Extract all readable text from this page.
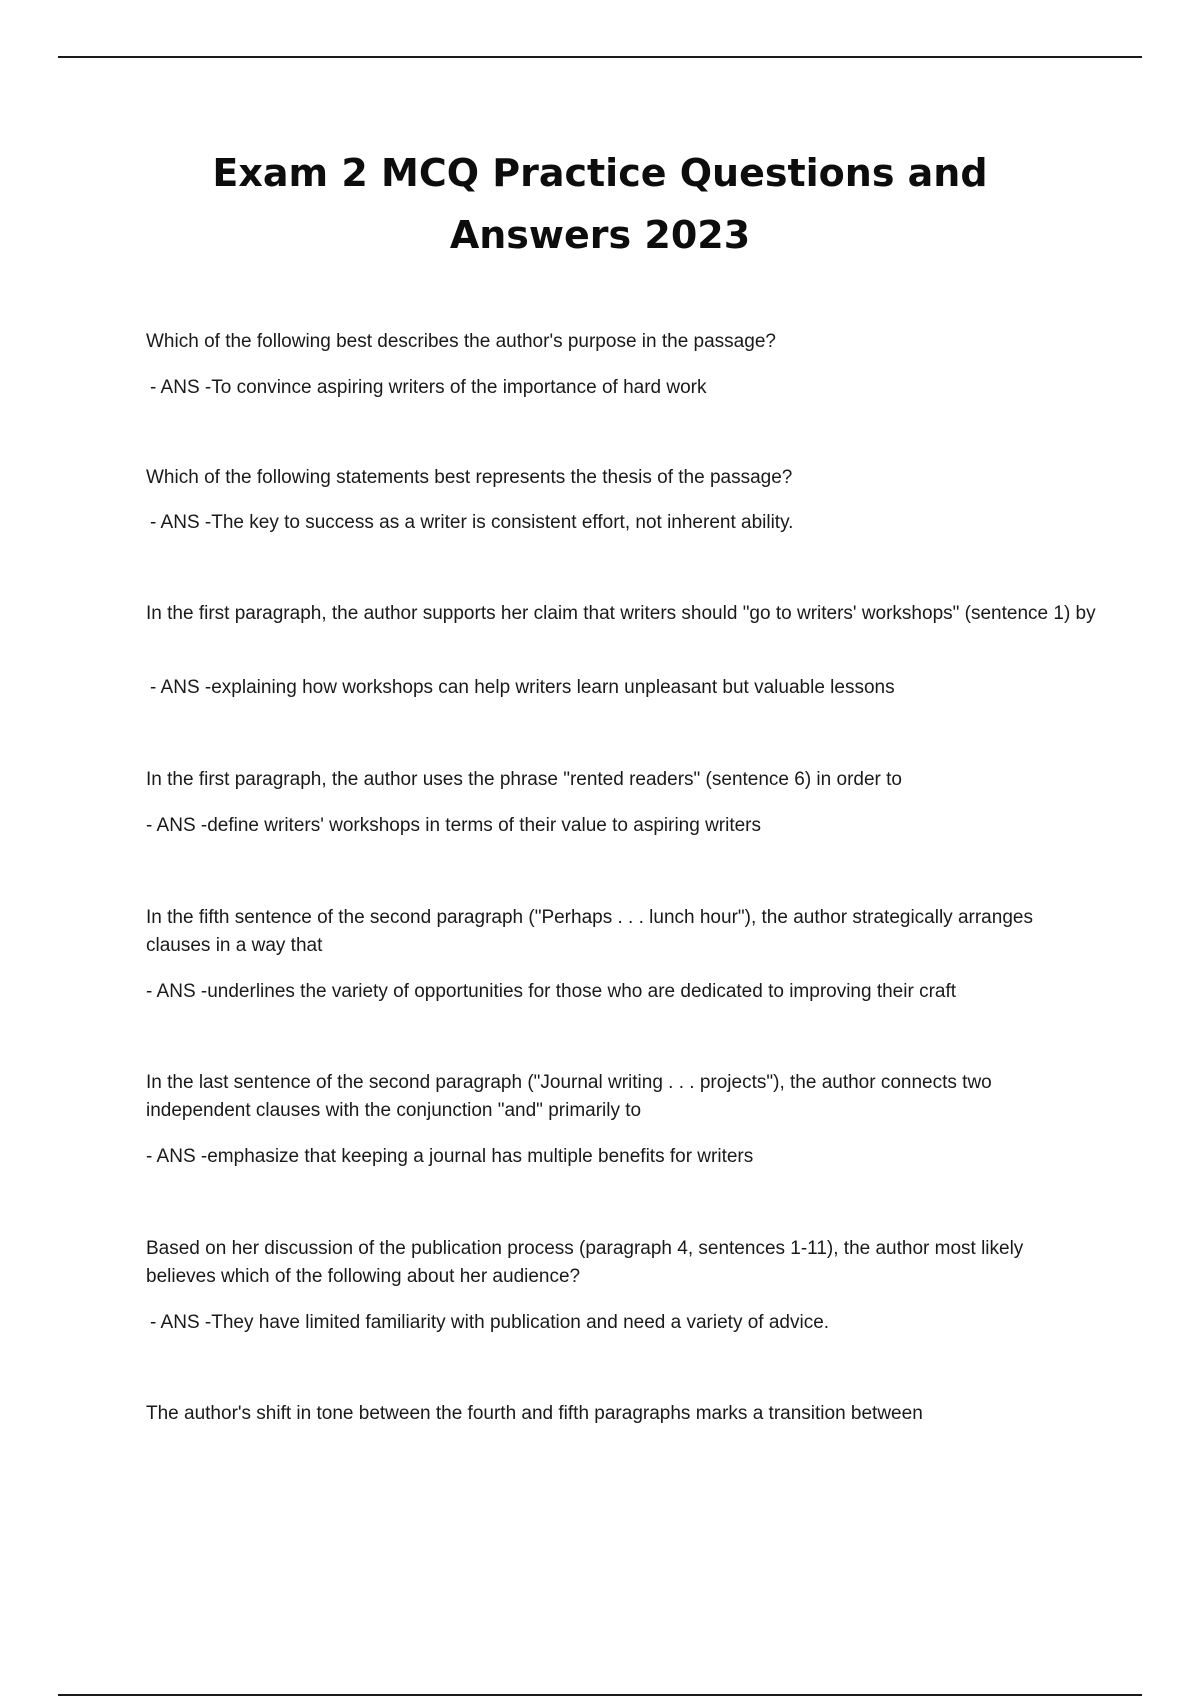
Exam 2 MCQ Practice Questions and
Answers 2023

Which of the following best describes the author's purpose in the passage?

- ANS -To convince aspiring writers of the importance of hard work

Which of the following statements best represents the thesis of the passage?

- ANS -The key to success as a writer is consistent effort, not inherent ability.

In the first paragraph, the author supports her claim that writers should "go to writers' workshops" (sentence 1) by

- ANS -explaining how workshops can help writers learn unpleasant but valuable lessons

In the first paragraph, the author uses the phrase "rented readers" (sentence 6) in order to

- ANS -define writers' workshops in terms of their value to aspiring writers

In the fifth sentence of the second paragraph ("Perhaps . . . lunch hour"), the author strategically arranges clauses in a way that

- ANS -underlines the variety of opportunities for those who are dedicated to improving their craft

In the last sentence of the second paragraph ("Journal writing . . . projects"), the author connects two independent clauses with the conjunction "and" primarily to

- ANS -emphasize that keeping a journal has multiple benefits for writers

Based on her discussion of the publication process (paragraph 4, sentences 1-11), the author most likely believes which of the following about her audience?

- ANS -They have limited familiarity with publication and need a variety of advice.

The author's shift in tone between the fourth and fifth paragraphs marks a transition between
